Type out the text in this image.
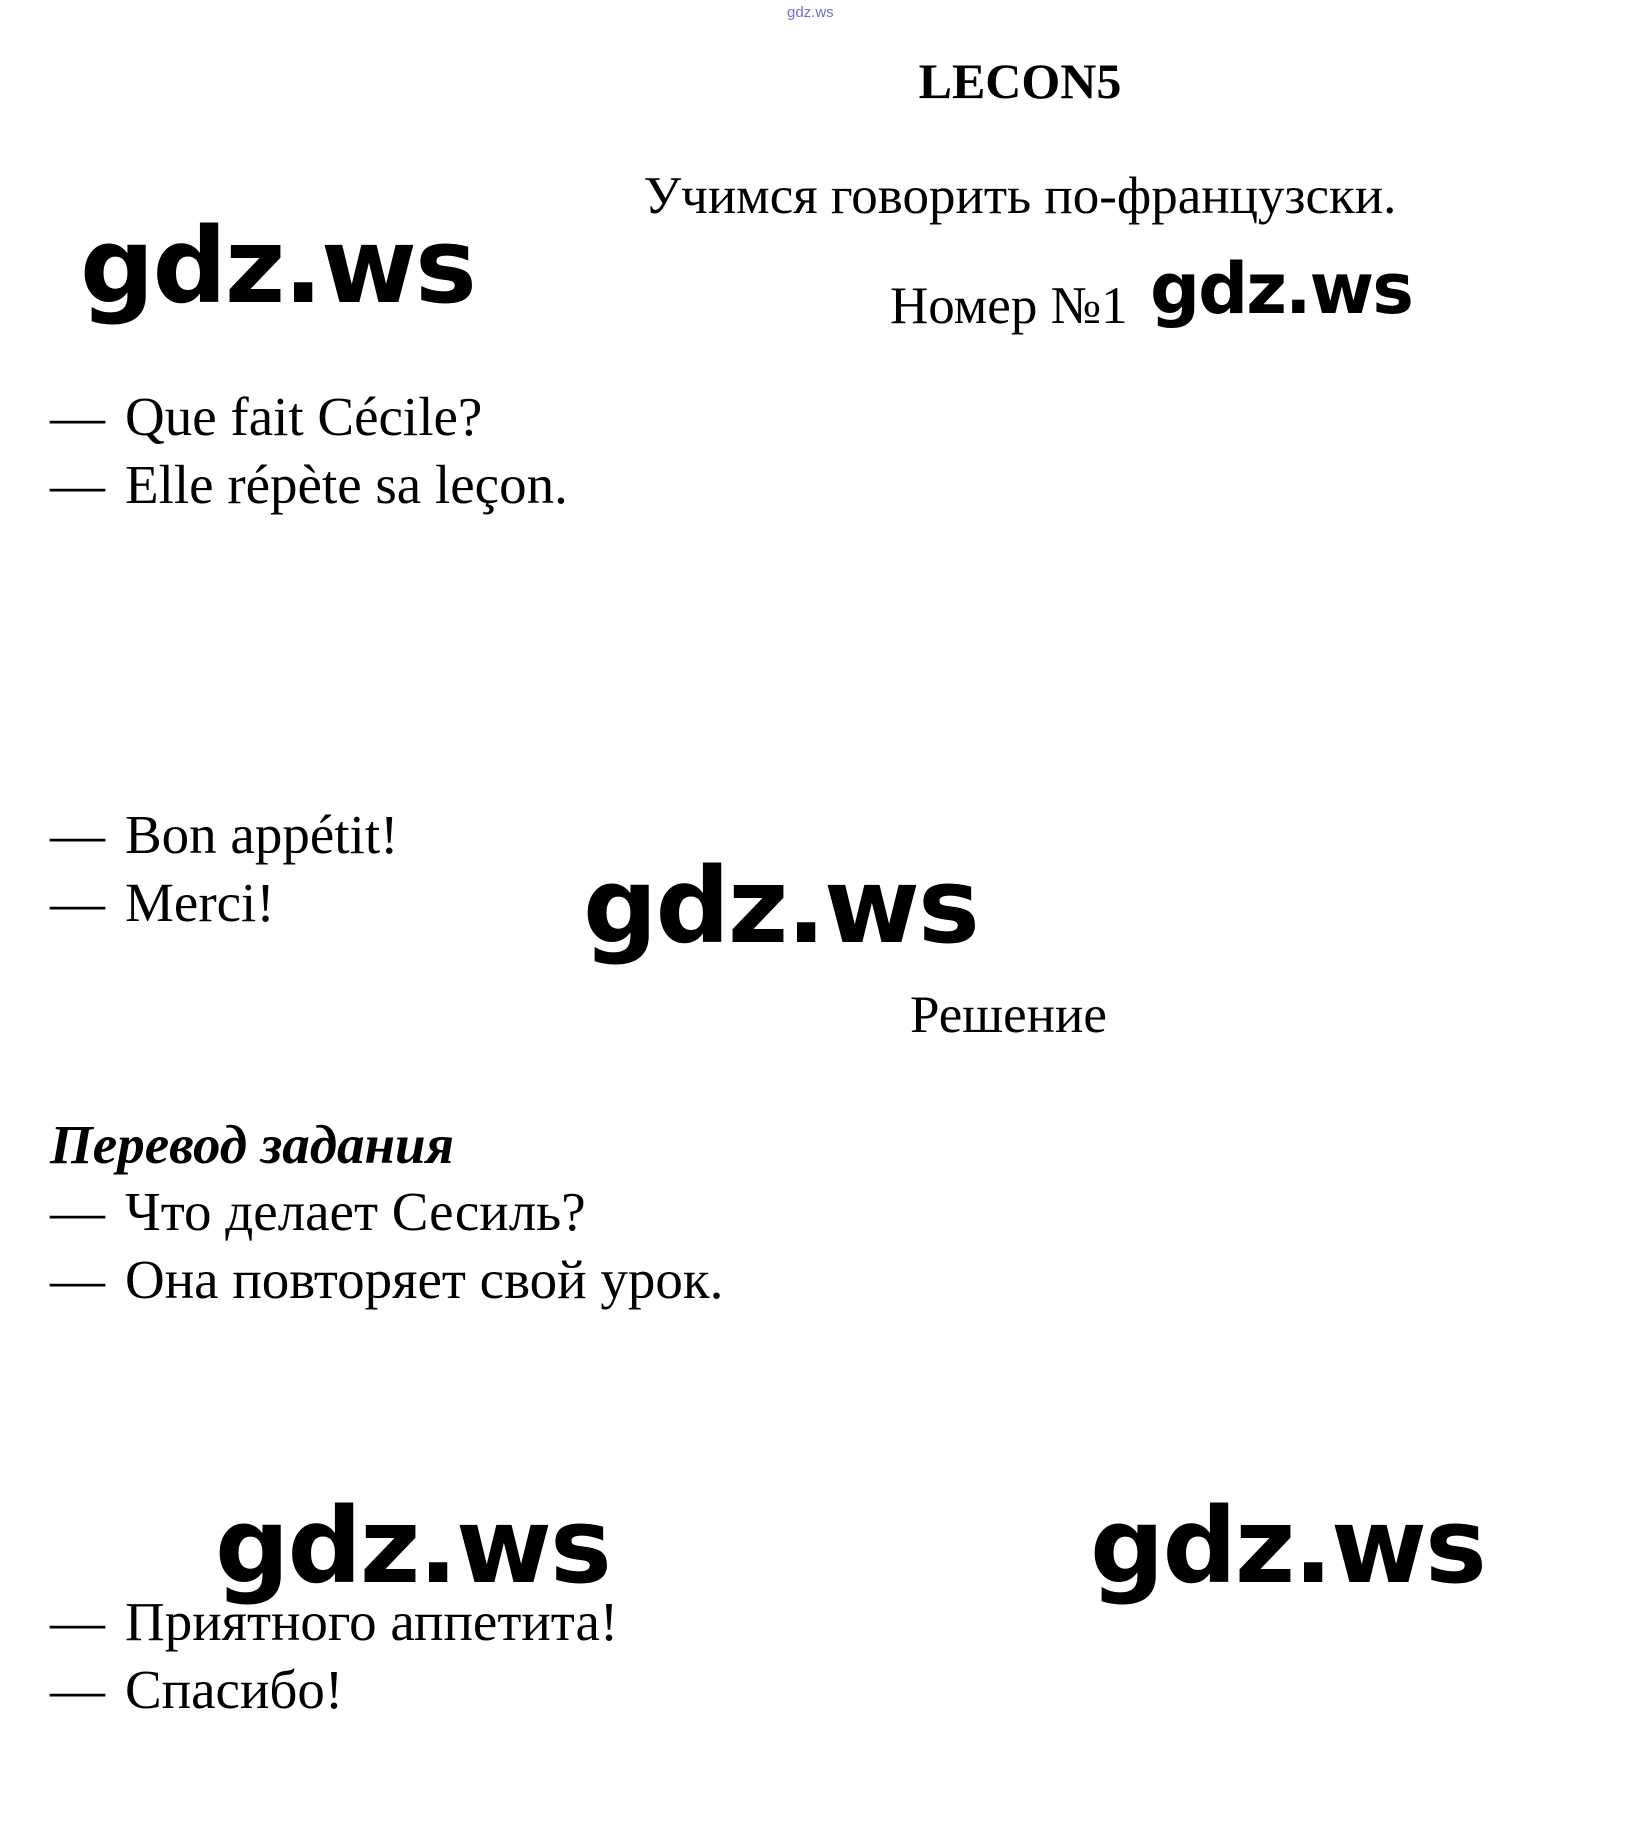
gdz.ws
LECON5
Учимся говорить по-французски.
Номер №1
gdz.ws	gdz.ws
— Que fait Cécile?
— Elle répète sa leçon.
— Bon appétit!
— Merci!	gdz.ws
Решение
Перевод задания
— Что делает Сесиль?
— Она повторяет свой урок.
gdz.ws	gdz.ws
— Приятного аппетита!
— Спасибо!
